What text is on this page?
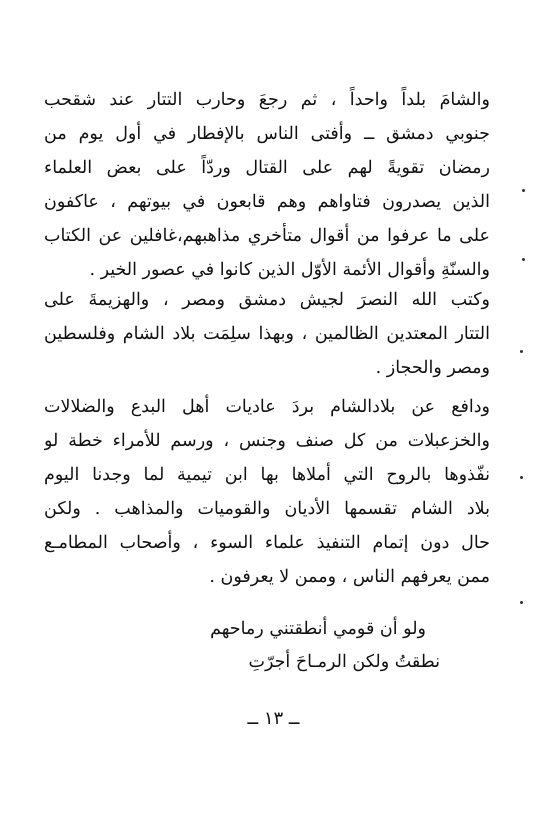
والشامَ بلداً واحداً ، ثم رجعَ وحارب التتار عند شقحب
جنوبي دمشق ــ وأفتى الناس بالإفطار في أول يوم من
رمضان تقويةً لهم على القتال وردّاً على بعض العلماء
الذين يصدرون فتاواهم وهم قابعون في بيوتهم ، عاكفون
على ما عرفوا من أقوال متأخري مذاهبهم،غافلين عن الكتاب
والسنّةِ وأقوال الأئمة الأوّل الذين كانوا في عصور الخير .
وكتب الله النصرَ لجيش دمشق ومصر ، والهزيمةَ على
التتار المعتدين الظالمين ، وبهذا سلِمَت بلاد الشام وفلسطين
ومصر والحجاز .
ودافع عن بلادالشام بردَ عاديات أهل البدع والضلالات
والخزعبلات من كل صنف وجنس ، ورسم للأمراء خطة لو
نفّذوها بالروح التي أملاها بها ابن تيمية لما وجدنا اليوم
بلاد الشام تقسمها الأديان والقوميات والمذاهب . ولكن
حال دون إتمام التنفيذ علماء السوء ، وأصحاب المطامـع
ممن يعرفهم الناس ، وممن لا يعرفون .
ولو أن قومي أنطقتني رماحهم
نطقتُ ولكن الرمـاحَ أجرّتِ
ــ ١٣ ــ
